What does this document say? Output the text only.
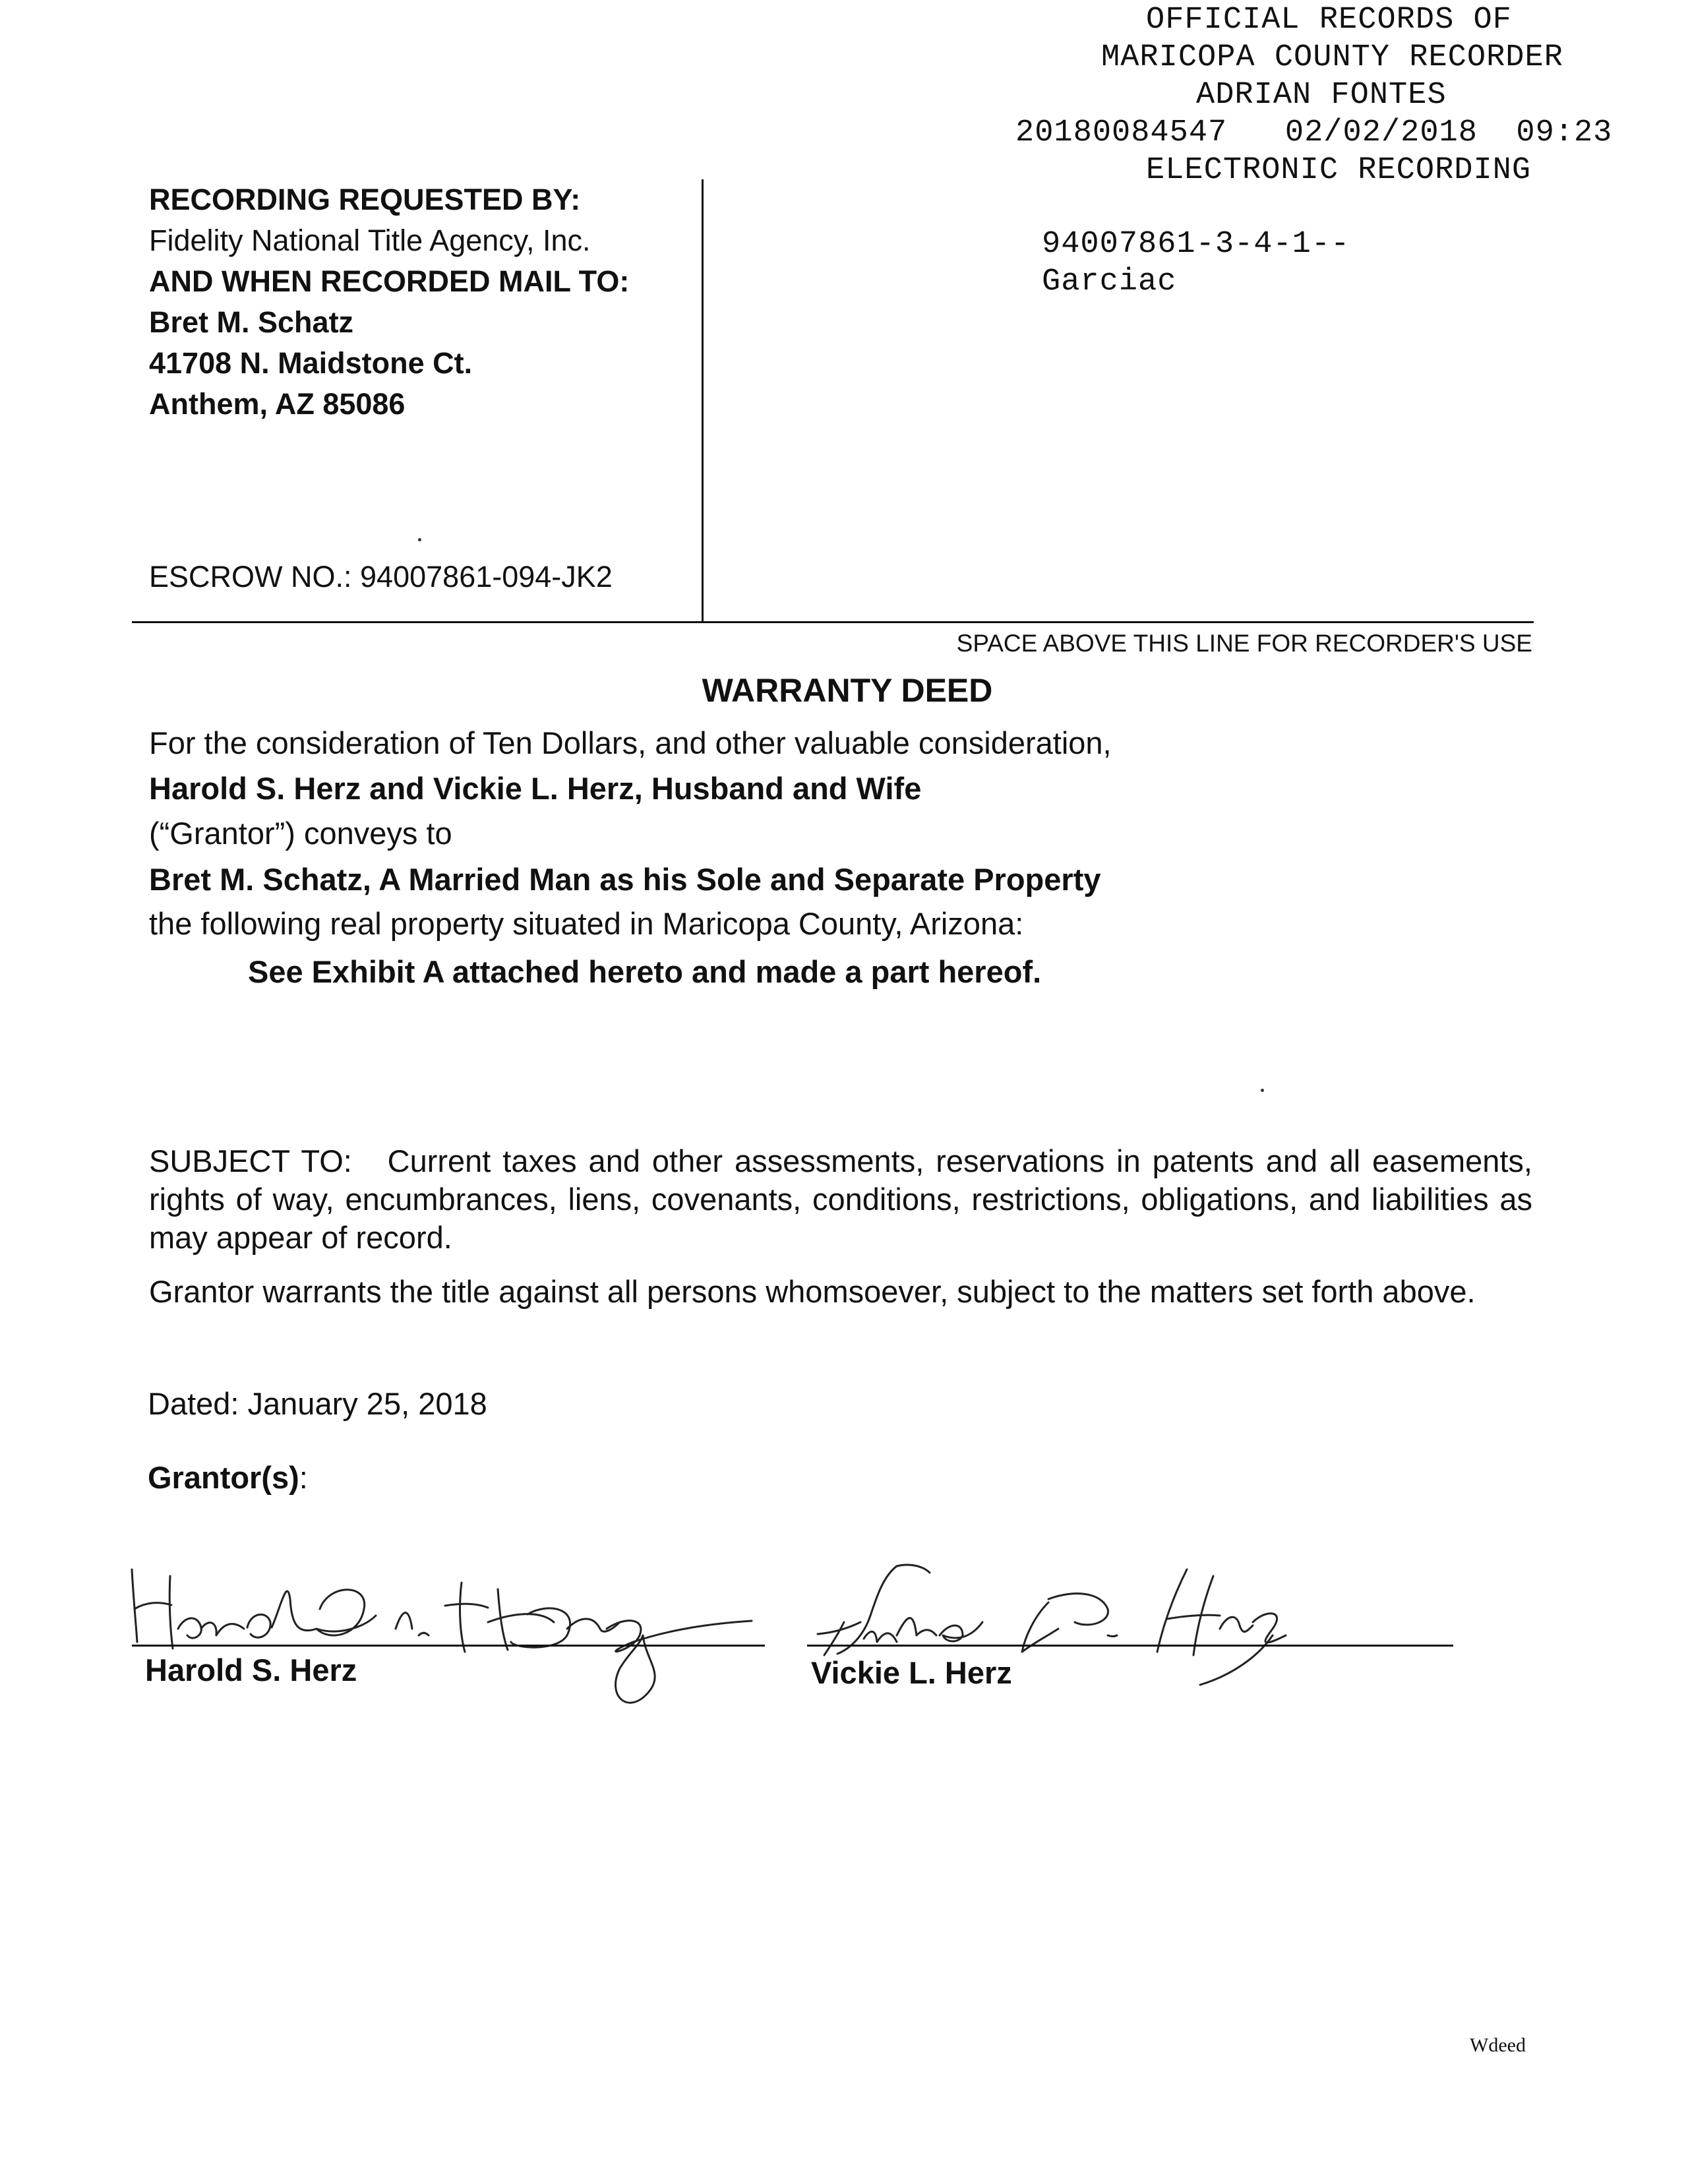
OFFICIAL RECORDS OF
MARICOPA COUNTY RECORDER
ADRIAN FONTES
20180084547 02/02/2018 09:23
ELECTRONIC RECORDING
94007861-3-4-1--
Garciac
RECORDING REQUESTED BY:
Fidelity National Title Agency, Inc.
AND WHEN RECORDED MAIL TO:
Bret M. Schatz
41708 N. Maidstone Ct.
Anthem, AZ 85086
ESCROW NO.: 94007861-094-JK2
SPACE ABOVE THIS LINE FOR RECORDER'S USE
WARRANTY DEED
For the consideration of Ten Dollars, and other valuable consideration,
Harold S. Herz and Vickie L. Herz, Husband and Wife
(“Grantor”) conveys to
Bret M. Schatz, A Married Man as his Sole and Separate Property
the following real property situated in Maricopa County, Arizona:
See Exhibit A attached hereto and made a part hereof.
SUBJECT TO: Current taxes and other assessments, reservations in patents and all easements, rights of way, encumbrances, liens, covenants, conditions, restrictions, obligations, and liabilities as may appear of record.
Grantor warrants the title against all persons whomsoever, subject to the matters set forth above.
Dated: January 25, 2018
Grantor(s):
Harold S. Herz	Vickie L. Herz
Wdeed
